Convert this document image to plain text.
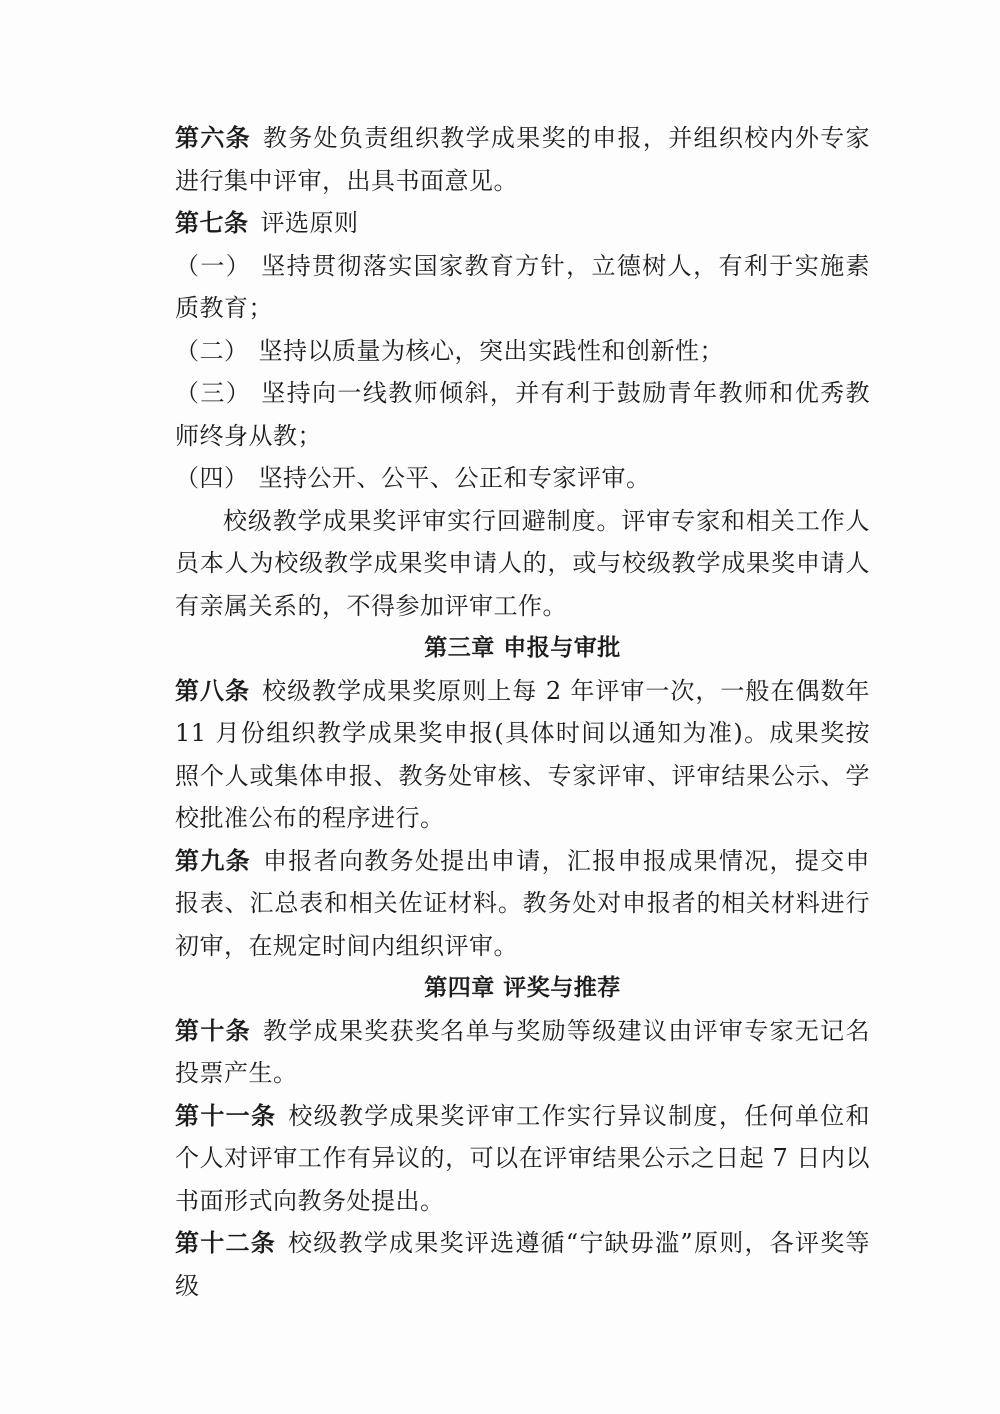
第六条 教务处负责组织教学成果奖的申报，并组织校内外专家进行集中评审，出具书面意见。

第七条 评选原则

（一） 坚持贯彻落实国家教育方针，立德树人，有利于实施素质教育；

（二） 坚持以质量为核心，突出实践性和创新性；

（三） 坚持向一线教师倾斜，并有利于鼓励青年教师和优秀教师终身从教；

（四） 坚持公开、公平、公正和专家评审。

校级教学成果奖评审实行回避制度。评审专家和相关工作人员本人为校级教学成果奖申请人的，或与校级教学成果奖申请人有亲属关系的，不得参加评审工作。

第三章 申报与审批

第八条 校级教学成果奖原则上每 2 年评审一次，一般在偶数年 11 月份组织教学成果奖申报(具体时间以通知为准)。成果奖按照个人或集体申报、教务处审核、专家评审、评审结果公示、学校批准公布的程序进行。

第九条 申报者向教务处提出申请，汇报申报成果情况，提交申报表、汇总表和相关佐证材料。教务处对申报者的相关材料进行初审，在规定时间内组织评审。

第四章 评奖与推荐

第十条 教学成果奖获奖名单与奖励等级建议由评审专家无记名投票产生。

第十一条 校级教学成果奖评审工作实行异议制度，任何单位和个人对评审工作有异议的，可以在评审结果公示之日起 7 日内以书面形式向教务处提出。

第十二条 校级教学成果奖评选遵循“宁缺毋滥”原则，各评奖等级
